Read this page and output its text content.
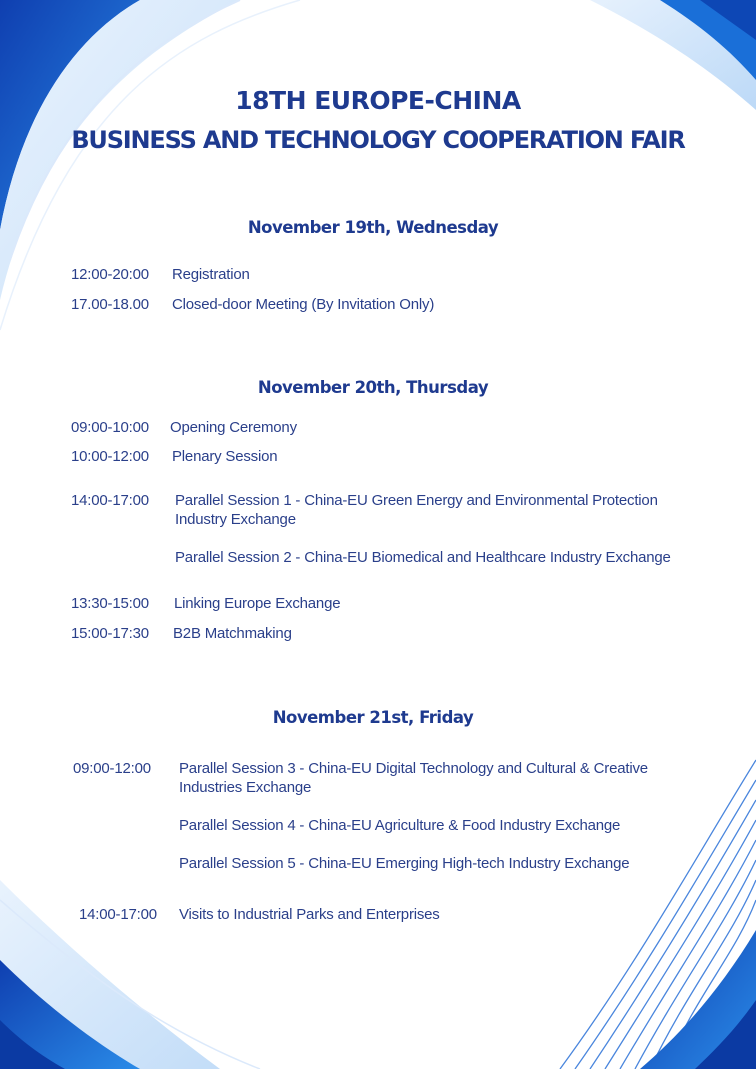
18TH EUROPE-CHINA
BUSINESS AND TECHNOLOGY COOPERATION FAIR
November 19th, Wednesday
12:00-20:00 Registration
17.00-18.00 Closed-door Meeting (By Invitation Only)
November 20th, Thursday
09:00-10:00 Opening Ceremony
10:00-12:00 Plenary Session
14:00-17:00 Parallel Session 1 - China-EU Green Energy and Environmental Protection
Industry Exchange
Parallel Session 2 - China-EU Biomedical and Healthcare Industry Exchange
13:30-15:00 Linking Europe Exchange
15:00-17:30 B2B Matchmaking
November 21st, Friday
09:00-12:00 Parallel Session 3 - China-EU Digital Technology and Cultural & Creative
Industries Exchange
Parallel Session 4 - China-EU Agriculture & Food Industry Exchange
Parallel Session 5 - China-EU Emerging High-tech Industry Exchange
14:00-17:00 Visits to Industrial Parks and Enterprises
